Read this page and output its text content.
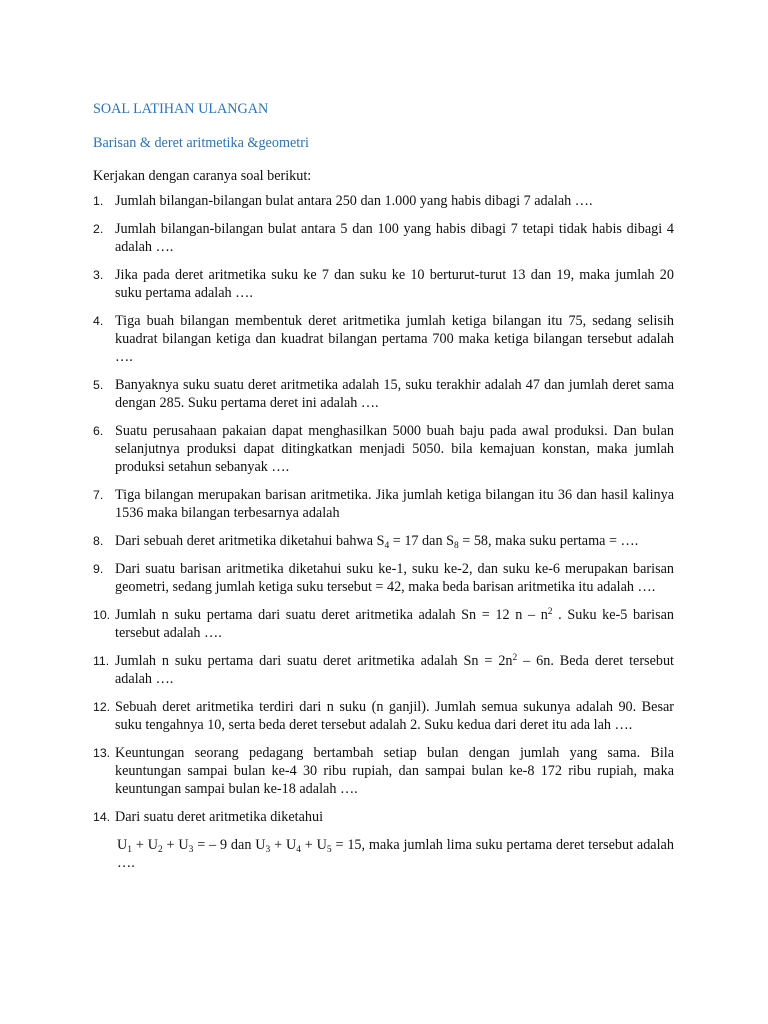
SOAL LATIHAN ULANGAN

Barisan & deret aritmetika &geometri

Kerjakan dengan caranya soal berikut:

1. Jumlah bilangan-bilangan bulat antara 250 dan 1.000 yang habis dibagi 7 adalah ….
2. Jumlah bilangan-bilangan bulat antara 5 dan 100 yang habis dibagi 7 tetapi tidak habis dibagi 4 adalah ….
3. Jika pada deret aritmetika suku ke 7 dan suku ke 10 berturut-turut 13 dan 19, maka jumlah 20 suku pertama adalah ….
4. Tiga buah bilangan membentuk deret aritmetika jumlah ketiga bilangan itu 75, sedang selisih kuadrat bilangan ketiga dan kuadrat bilangan pertama 700 maka ketiga bilangan tersebut adalah ….
5. Banyaknya suku suatu deret aritmetika adalah 15, suku terakhir adalah 47 dan jumlah deret sama dengan 285. Suku pertama deret ini adalah ….
6. Suatu perusahaan pakaian dapat menghasilkan 5000 buah baju pada awal produksi. Dan bulan selanjutnya produksi dapat ditingkatkan menjadi 5050. bila kemajuan konstan, maka jumlah produksi setahun sebanyak ….
7. Tiga bilangan merupakan barisan aritmetika. Jika jumlah ketiga bilangan itu 36 dan hasil kalinya 1536 maka bilangan terbesarnya adalah
8. Dari sebuah deret aritmetika diketahui bahwa $S_4 = 17$ dan $S_8 = 58$, maka suku pertama = ….
9. Dari suatu barisan aritmetika diketahui suku ke-1, suku ke-2, dan suku ke-6 merupakan barisan geometri, sedang jumlah ketiga suku tersebut = 42, maka beda barisan aritmetika itu adalah ….
10. Jumlah n suku pertama dari suatu deret aritmetika adalah Sn = 12 n – $n^2$ . Suku ke-5 barisan tersebut adalah ….
11. Jumlah n suku pertama dari suatu deret aritmetika adalah $Sn = 2n^2 - 6n$. Beda deret tersebut adalah ….
12. Sebuah deret aritmetika terdiri dari n suku (n ganjil). Jumlah semua sukunya adalah 90. Besar suku tengahnya 10, serta beda deret tersebut adalah 2. Suku kedua dari deret itu ada lah ….
13. Keuntungan seorang pedagang bertambah setiap bulan dengan jumlah yang sama. Bila keuntungan sampai bulan ke-4 30 ribu rupiah, dan sampai bulan ke-8 172 ribu rupiah, maka keuntungan sampai bulan ke-18 adalah ….
14. Dari suatu deret aritmetika diketahui
$U_1 + U_2 + U_3$ = – 9 dan $U_3 + U_4 + U_5 = 15$, maka jumlah lima suku pertama deret tersebut adalah ….
